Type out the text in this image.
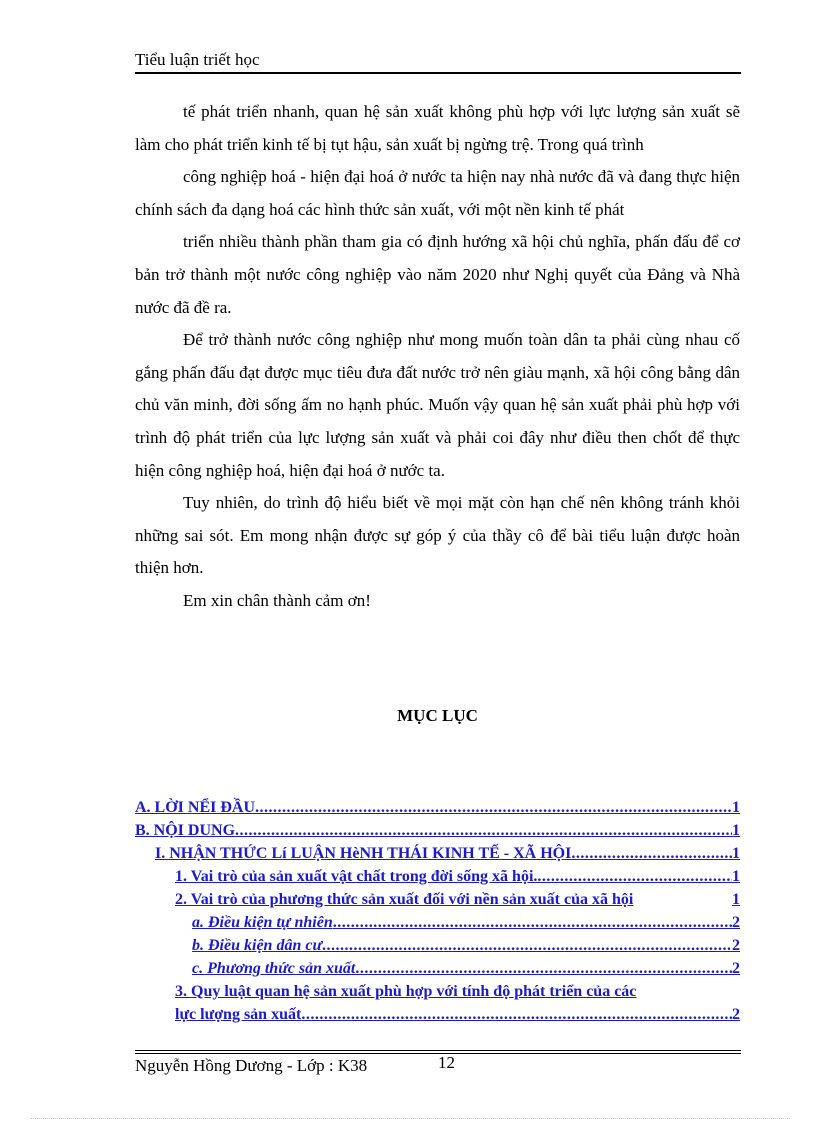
Tiểu luận triết học

tế phát triển nhanh, quan hệ sản xuất không phù hợp với lực lượng sản xuất sẽ làm cho phát triển kinh tế bị tụt hậu, sản xuất bị ngừng trệ. Trong quá trình

công nghiệp hoá - hiện đại hoá ở nước ta hiện nay nhà nước đã và đang thực hiện chính sách đa dạng hoá các hình thức sản xuất, với một nền kinh tế phát

triển nhiều thành phần tham gia có định hướng xã hội chủ nghĩa, phấn đấu để cơ bản trở thành một nước công nghiệp vào năm 2020 như Nghị quyết của Đảng và Nhà nước đã đề ra.

Để trở thành nước công nghiệp như mong muốn toàn dân ta phải cùng nhau cố gắng phấn đấu đạt được mục tiêu đưa đất nước trở nên giàu mạnh, xã hội công bằng dân chủ văn minh, đời sống ấm no hạnh phúc. Muốn vậy quan hệ sản xuất phải phù hợp với trình độ phát triển của lực lượng sản xuất và phải coi đây như điều then chốt để thực hiện công nghiệp hoá, hiện đại hoá ở nước ta.

Tuy nhiên, do trình độ hiểu biết về mọi mặt còn hạn chế nên không tránh khỏi những sai sót. Em mong nhận được sự góp ý của thầy cô để bài tiểu luận được hoàn thiện hơn.

Em xin chân thành cảm ơn!

MỤC LỤC
A. LỜI NỂI ĐẦU .....	1
B. NỘI DUNG .....	1
I. NHẬN THỨC Lí LUẬN HèNH THÁI KINH TẾ - XÃ HỘI .....	1
1. Vai trò của sản xuất vật chất trong đời sống xã hội. .....	1
2. Vai trò của phương thức sản xuất đối với nền sản xuất của xã hội	1
a. Điều kiện tự nhiên .....	2
b. Điều kiện dân cư .....	2
c. Phương thức sản xuất .....	2
3. Quy luật quan hệ sản xuất phù hợp với tính độ phát triển của các
lực lượng sản xuất .....	2
Nguyễn Hồng Dương - Lớp : K38	12
